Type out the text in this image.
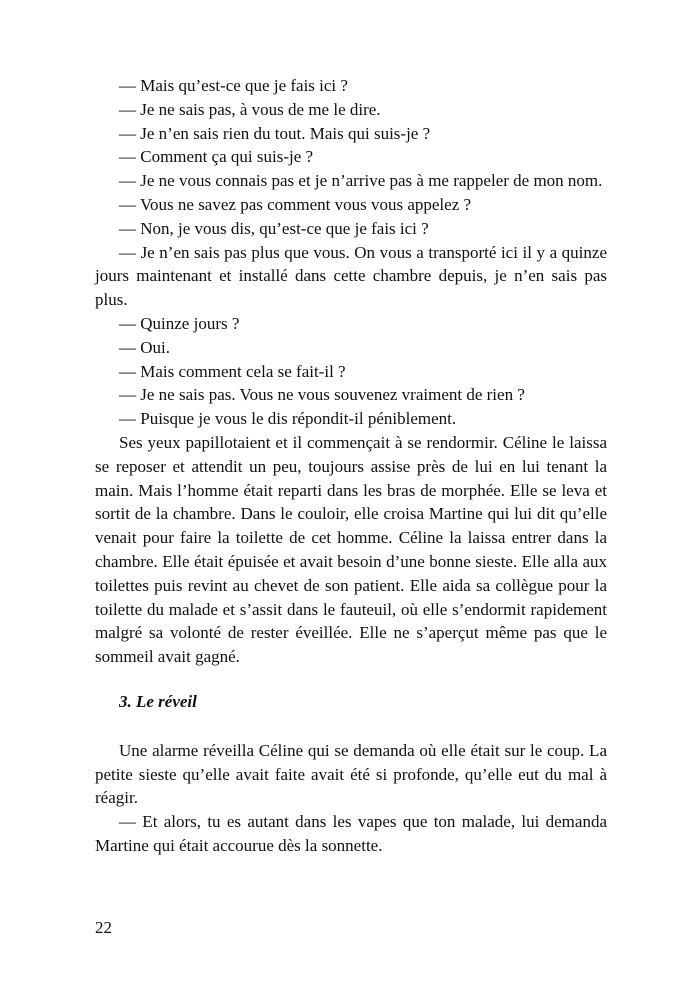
— Mais qu’est-ce que je fais ici ?

— Je ne sais pas, à vous de me le dire.

— Je n’en sais rien du tout. Mais qui suis-je ?

— Comment ça qui suis-je ?

— Je ne vous connais pas et je n’arrive pas à me rappeler de mon nom.

— Vous ne savez pas comment vous vous appelez ?

— Non, je vous dis, qu’est-ce que je fais ici ?

— Je n’en sais pas plus que vous. On vous a transporté ici il y a quinze jours maintenant et installé dans cette chambre depuis, je n’en sais pas plus.

— Quinze jours ?

— Oui.

— Mais comment cela se fait-il ?

— Je ne sais pas. Vous ne vous souvenez vraiment de rien ?

— Puisque je vous le dis répondit-il péniblement.

Ses yeux papillotaient et il commençait à se rendormir. Céline le laissa se reposer et attendit un peu, toujours assise près de lui en lui tenant la main. Mais l’homme était reparti dans les bras de morphée. Elle se leva et sortit de la chambre. Dans le couloir, elle croisa Martine qui lui dit qu’elle venait pour faire la toilette de cet homme. Céline la laissa entrer dans la chambre. Elle était épuisée et avait besoin d’une bonne sieste. Elle alla aux toilettes puis revint au chevet de son patient. Elle aida sa collègue pour la toilette du malade et s’assit dans le fauteuil, où elle s’endormit rapidement malgré sa volonté de rester éveillée. Elle ne s’aperçut même pas que le sommeil avait gagné.

3. Le réveil

Une alarme réveilla Céline qui se demanda où elle était sur le coup. La petite sieste qu’elle avait faite avait été si profonde, qu’elle eut du mal à réagir.

— Et alors, tu es autant dans les vapes que ton malade, lui demanda Martine qui était accourue dès la sonnette.

22
